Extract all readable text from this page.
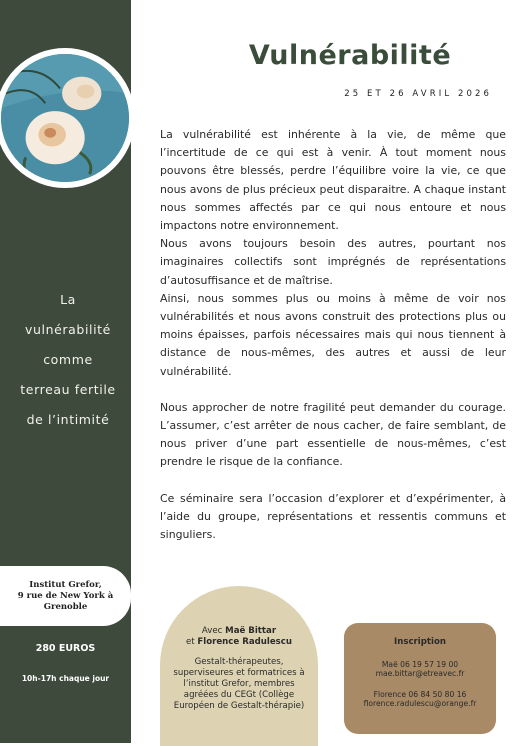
La
vulnérabilité
comme
terreau fertile
de l’intimité
Institut Grefor,
9 rue de New York à
Grenoble
280 EUROS
10h-17h chaque jour
Vulnérabilité
25 ET 26 AVRIL 2026

La vulnérabilité est inhérente à la vie, de même que l’incertitude de ce qui est à venir. À tout moment nous pouvons être blessés, perdre l’équilibre voire la vie, ce que nous avons de plus précieux peut disparaitre. A chaque instant nous sommes affectés par ce qui nous entoure et nous impactons notre environnement.

Nous avons toujours besoin des autres, pourtant nos imaginaires collectifs sont imprégnés de représentations d’autosuffisance et de maîtrise.

Ainsi, nous sommes plus ou moins à même de voir nos vulnérabilités et nous avons construit des protections plus ou moins épaisses, parfois nécessaires mais qui nous tiennent à distance de nous-mêmes, des autres et aussi de leur vulnérabilité.

Nous approcher de notre fragilité peut demander du courage. L’assumer, c’est arrêter de nous cacher, de faire semblant, de nous priver d’une part essentielle de nous-mêmes, c’est prendre le risque de la confiance.

Ce séminaire sera l’occasion d’explorer et d’expérimenter, à l’aide du groupe, représentations et ressentis communs et singuliers.

Avec Maë Bittar
et Florence Radulescu
Gestalt-thérapeutes, superviseures et formatrices à l’institut Grefor, membres agréées du CEGt (Collège Européen de Gestalt-thérapie)
Inscription
Maë 06 19 57 19 00
mae.bittar@etreavec.fr
Florence 06 84 50 80 16
florence.radulescu@orange.fr
